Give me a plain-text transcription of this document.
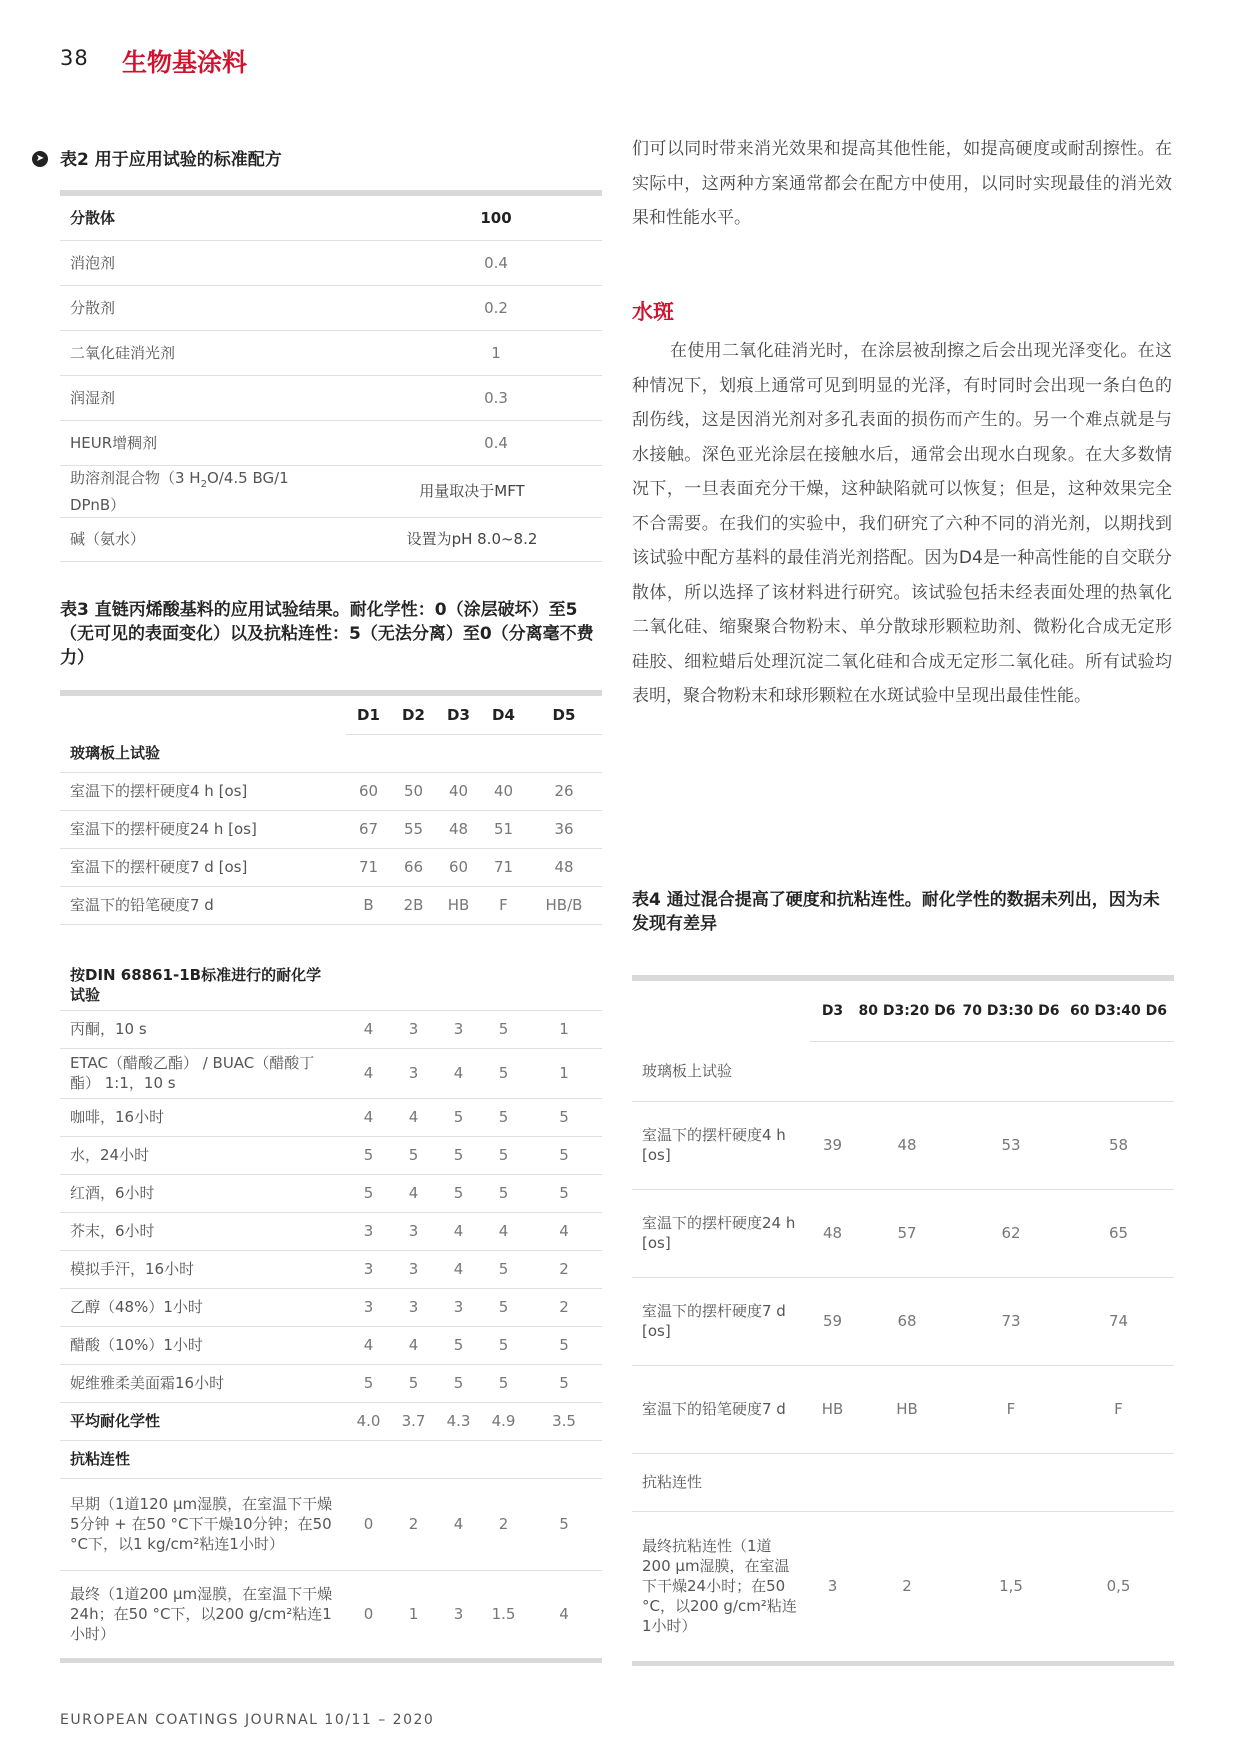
38 生物基涂料
➤ 表2 用于应用试验的标准配方

分散体	100
消泡剂	0.4
分散剂	0.2
二氧化硅消光剂	1
润湿剂	0.3
HEUR增稠剂	0.4
助溶剂混合物（3 $H_2O/4.5$ BG/1 DPnB）	用量取决于MFT
碱（氨水）	设置为pH 8.0~8.2
表3 直链丙烯酸基料的应用试验结果。耐化学性：0（涂层破坏）至5（无可见的表面变化）以及抗粘连性：5（无法分离）至0（分离毫不费力）

	D1	D2	D3	D4	D5
玻璃板上试验					
室温下的摆杆硬度4 h [os]	60	50	40	40	26
室温下的摆杆硬度24 h [os]	67	55	48	51	36
室温下的摆杆硬度7 d [os]	71	66	60	71	48
室温下的铅笔硬度7 d	B	2B	HB	F	HB/B

按DIN 68861-1B标准进行的耐化学试验					
丙酮，10 s	4	3	3	5	1
ETAC（醋酸乙酯） / BUAC（醋酸丁酯） 1:1，10 s	4	3	4	5	1
咖啡，16小时	4	4	5	5	5
水，24小时	5	5	5	5	5
红酒，6小时	5	4	5	5	5
芥末，6小时	3	3	4	4	4
模拟手汗，16小时	3	3	4	5	2
乙醇（48%）1小时	3	3	3	5	2
醋酸（10%）1小时	4	4	5	5	5
妮维雅柔美面霜16小时	5	5	5	5	5
平均耐化学性	4.0	3.7	4.3	4.9	3.5
抗粘连性					
早期（1道120 μm湿膜，在室温下干燥5分钟 + 在50 °C下干燥10分钟；在50 °C下，以1 kg/cm²粘连1小时）	0	2	4	2	5
最终（1道200 μm湿膜，在室温下干燥24h；在50 °C下，以200 g/cm²粘连1小时）	0	1	3	1.5	4

们可以同时带来消光效果和提高其他性能，如提高硬度或耐刮擦性。在实际中，这两种方案通常都会在配方中使用，以同时实现最佳的消光效果和性能水平。
水斑
在使用二氧化硅消光时，在涂层被刮擦之后会出现光泽变化。在这种情况下，划痕上通常可见到明显的光泽，有时同时会出现一条白色的刮伤线，这是因消光剂对多孔表面的损伤而产生的。另一个难点就是与水接触。深色亚光涂层在接触水后，通常会出现水白现象。在大多数情况下，一旦表面充分干燥，这种缺陷就可以恢复；但是，这种效果完全不合需要。在我们的实验中，我们研究了六种不同的消光剂，以期找到该试验中配方基料的最佳消光剂搭配。因为D4是一种高性能的自交联分散体，所以选择了该材料进行研究。该试验包括未经表面处理的热氧化二氧化硅、缩聚聚合物粉末、单分散球形颗粒助剂、微粉化合成无定形硅胶、细粒蜡后处理沉淀二氧化硅和合成无定形二氧化硅。所有试验均表明，聚合物粉末和球形颗粒在水斑试验中呈现出最佳性能。
表4 通过混合提高了硬度和抗粘连性。耐化学性的数据未列出，因为未发现有差异

	D3	80 D3:20 D6	70 D3:30 D6	60 D3:40 D6
玻璃板上试验				
室温下的摆杆硬度4 h [os]	39	48	53	58
室温下的摆杆硬度24 h [os]	48	57	62	65
室温下的摆杆硬度7 d [os]	59	68	73	74
室温下的铅笔硬度7 d	HB	HB	F	F
抗粘连性				
最终抗粘连性（1道200 μm湿膜，在室温下干燥24小时；在50 °C，以200 g/cm²粘连1小时）	3	2	1,5	0,5

EUROPEAN COATINGS JOURNAL 10/11 – 2020
